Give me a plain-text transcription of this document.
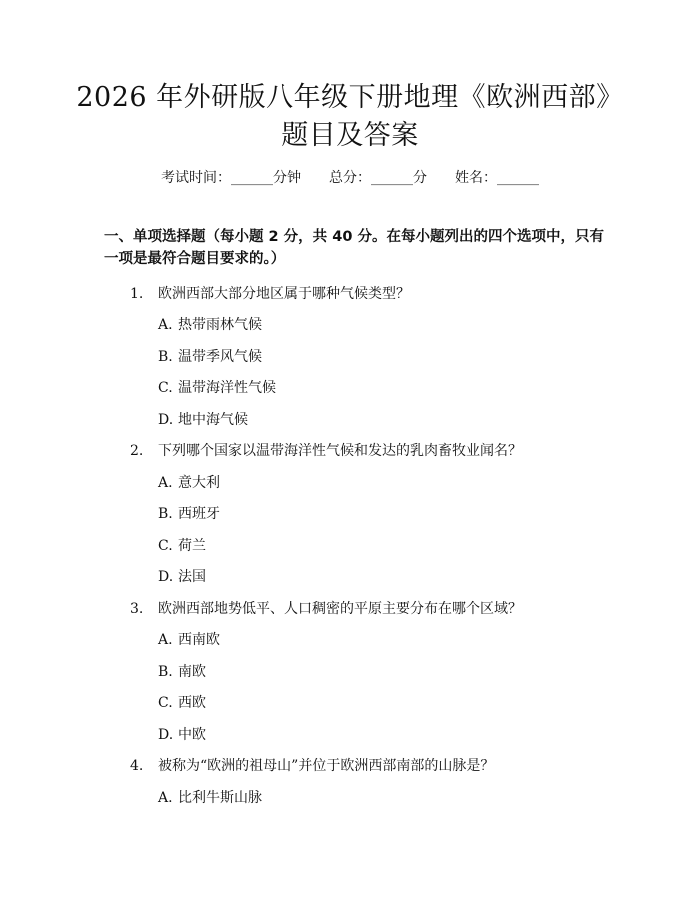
2026 年外研版八年级下册地理《欧洲西部》
题目及答案
考试时间：______分钟 总分：______分 姓名：______

一、单项选择题（每小题 2 分，共 40 分。在每小题列出的四个选项中，只有一项是最符合题目要求的。）

1. 欧洲西部大部分地区属于哪种气候类型？
A. 热带雨林气候
B. 温带季风气候
C. 温带海洋性气候
D. 地中海气候
2. 下列哪个国家以温带海洋性气候和发达的乳肉畜牧业闻名？
A. 意大利
B. 西班牙
C. 荷兰
D. 法国
3. 欧洲西部地势低平、人口稠密的平原主要分布在哪个区域？
A. 西南欧
B. 南欧
C. 西欧
D. 中欧
4. 被称为“欧洲的祖母山”并位于欧洲西部南部的山脉是？
A. 比利牛斯山脉
